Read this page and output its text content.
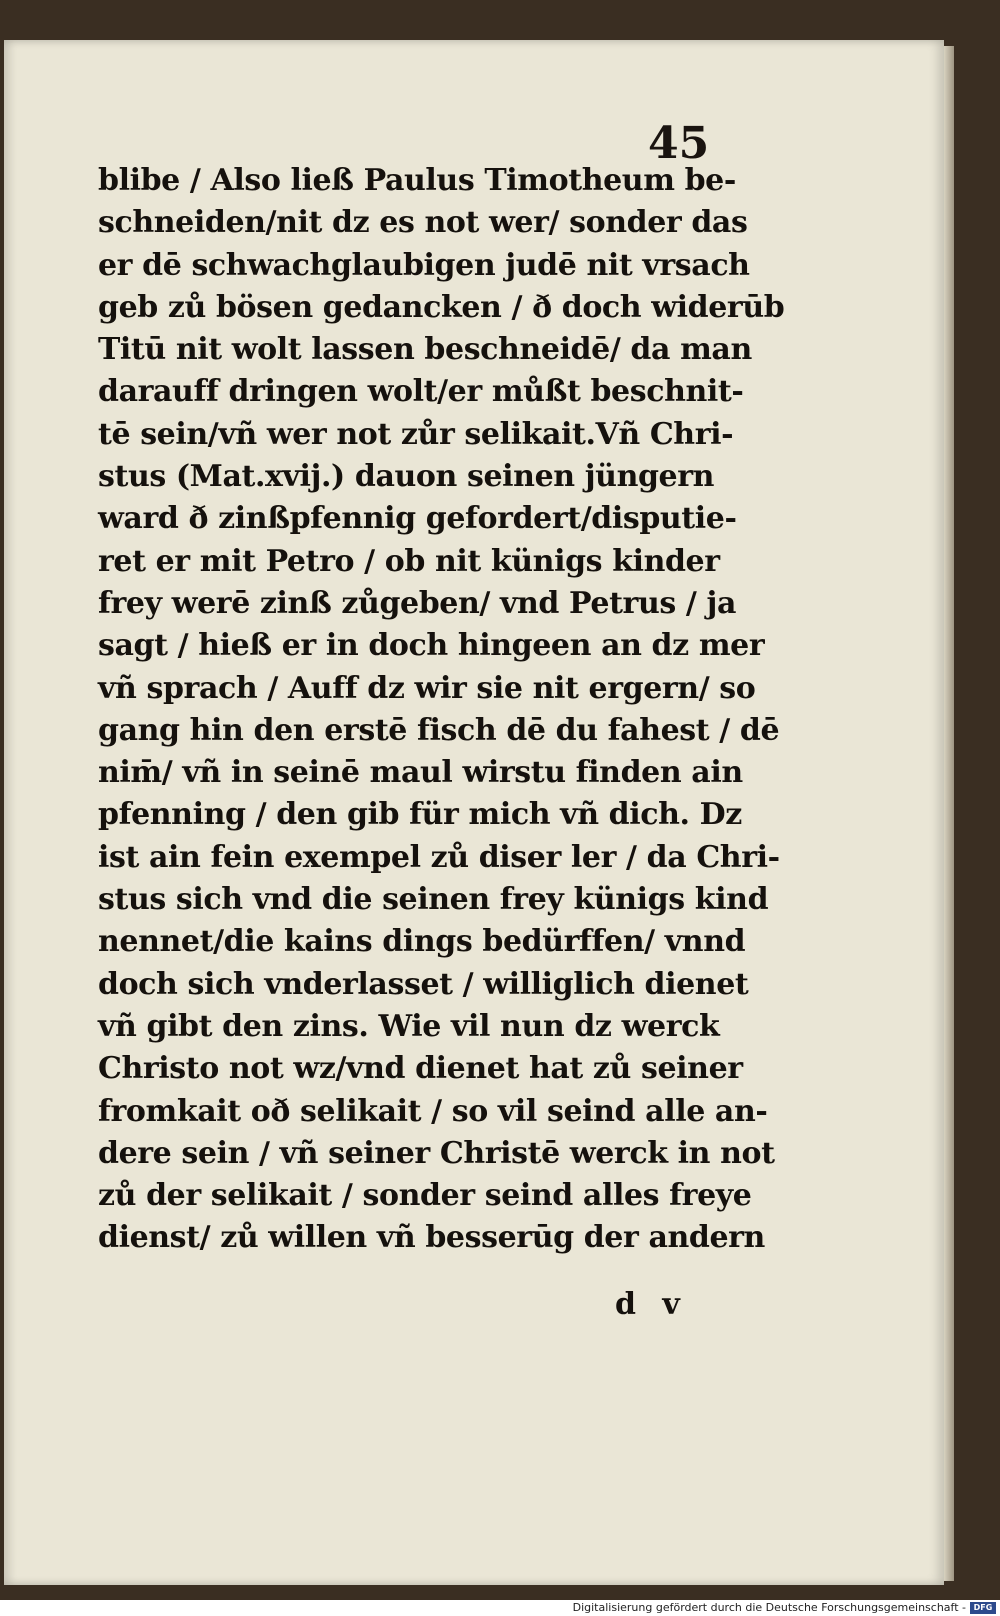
45
blibe / Also ließ Paulus Timotheum be-
schneiden/nit dz es not wer/ sonder das
er dē schwachglaubigen judē nit vrsach
geb zů bösen gedancken / ð doch widerūb
Titū nit wolt lassen beschneidē/ da man
darauff dringen wolt/er můßt beschnit-
tē sein/vñ wer not zůr selikait.Vñ Chri-
stus (Mat.xvij.) dauon seinen jüngern
ward ð zinßpfennig gefordert/disputie-
ret er mit Petro / ob nit künigs kinder
frey werē zinß zůgeben/ vnd Petrus / ja
sagt / hieß er in doch hingeen an dz mer
vñ sprach / Auff dz wir sie nit ergern/ so
gang hin den erstē fisch dē du fahest / dē
nim̄/ vñ in seinē maul wirstu finden ain
pfenning / den gib für mich vñ dich. Dz
ist ain fein exempel zů diser ler / da Chri-
stus sich vnd die seinen frey künigs kind
nennet/die kains dings bedürffen/ vnnd
doch sich vnderlasset / williglich dienet
vñ gibt den zins. Wie vil nun dz werck
Christo not wz/vnd dienet hat zů seiner
fromkait oð selikait / so vil seind alle an-
dere sein / vñ seiner Christē werck in not
zů der selikait / sonder seind alles freye
dienst/ zů willen vñ besserūg der andern
d v
Digitalisierung gefördert durch die Deutsche Forschungsgemeinschaft - DFG
